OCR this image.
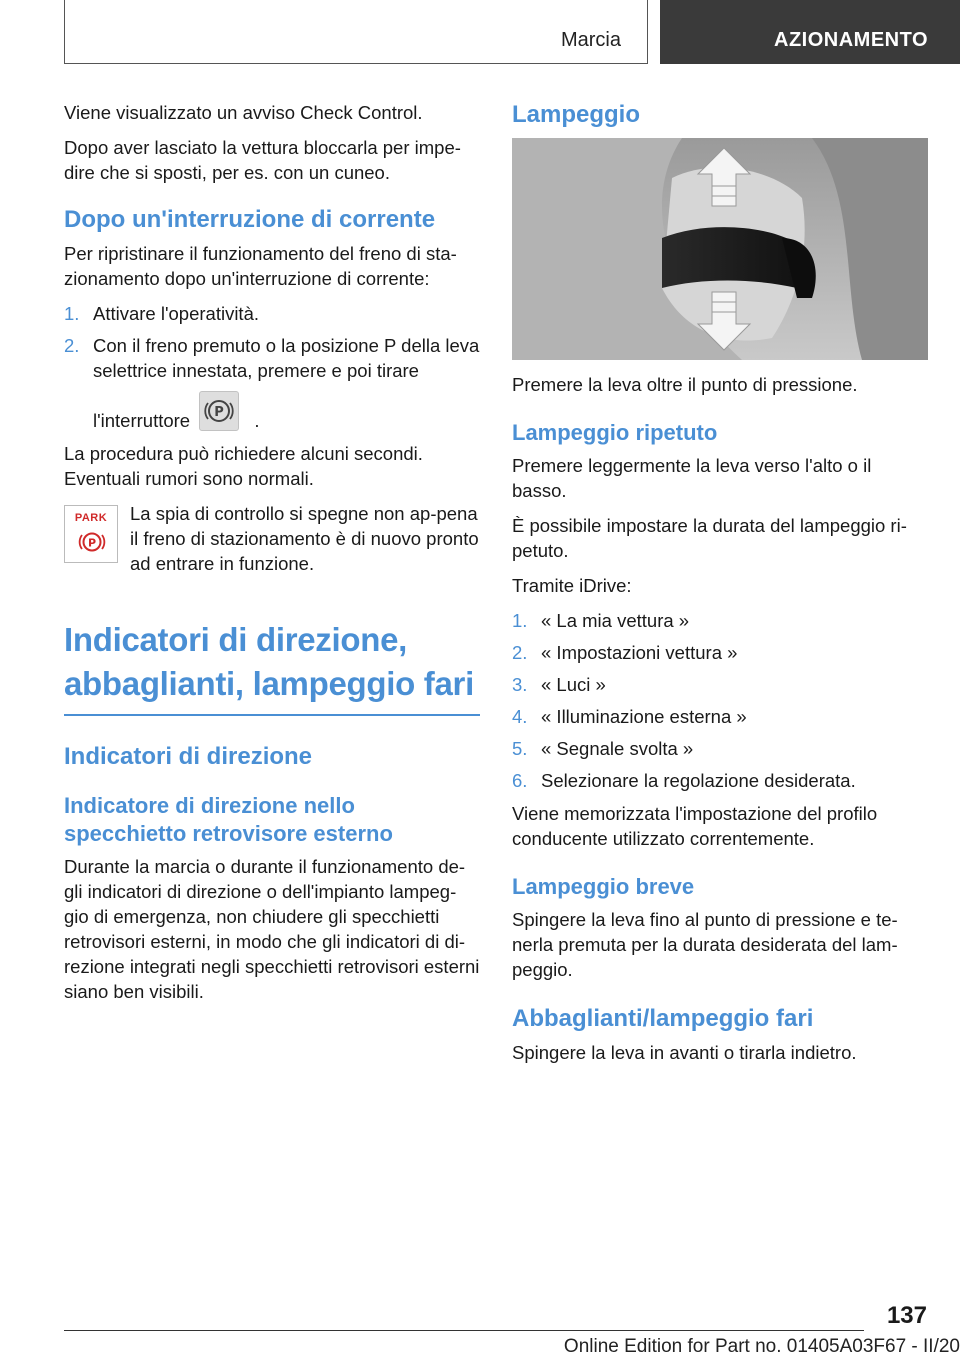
Marcia	AZIONAMENTO

Viene visualizzato un avviso Check Control.

Dopo aver lasciato la vettura bloccarla per impe‐dire che si sposti, per es. con un cuneo.

Dopo un'interruzione di corrente

Per ripristinare il funzionamento del freno di sta‐zionamento dopo un'interruzione di corrente:

1. Attivare l'operatività.
2. Con il freno premuto o la posizione P della leva selettrice innestata, premere e poi tirare
l'interruttore P .

La procedura può richiedere alcuni secondi. Eventuali rumori sono normali.

PARK
P

La spia di controllo si spegne non ap‐pena il freno di stazionamento è di nuovo pronto ad entrare in funzione.

Indicatori di direzione,
abbaglianti, lampeggio fari
Indicatori di direzione
Indicatore di direzione nello specchietto retrovisore esterno

Durante la marcia o durante il funzionamento de‐gli indicatori di direzione o dell'impianto lampeg‐gio di emergenza, non chiudere gli specchietti retrovisori esterni, in modo che gli indicatori di di‐rezione integrati negli specchietti retrovisori esterni siano ben visibili.

Lampeggio

Premere la leva oltre il punto di pressione.

Lampeggio ripetuto

Premere leggermente la leva verso l'alto o il basso.

È possibile impostare la durata del lampeggio ri‐petuto.

Tramite iDrive:

1. « La mia vettura »
2. « Impostazioni vettura »
3. « Luci »
4. « Illuminazione esterna »
5. « Segnale svolta »
6. Selezionare la regolazione desiderata.

Viene memorizzata l'impostazione del profilo conducente utilizzato correntemente.

Lampeggio breve

Spingere la leva fino al punto di pressione e te‐nerla premuta per la durata desiderata del lam‐peggio.

Abbaglianti/lampeggio fari

Spingere la leva in avanti o tirarla indietro.

137
Online Edition for Part no. 01405A03F67 - II/20
